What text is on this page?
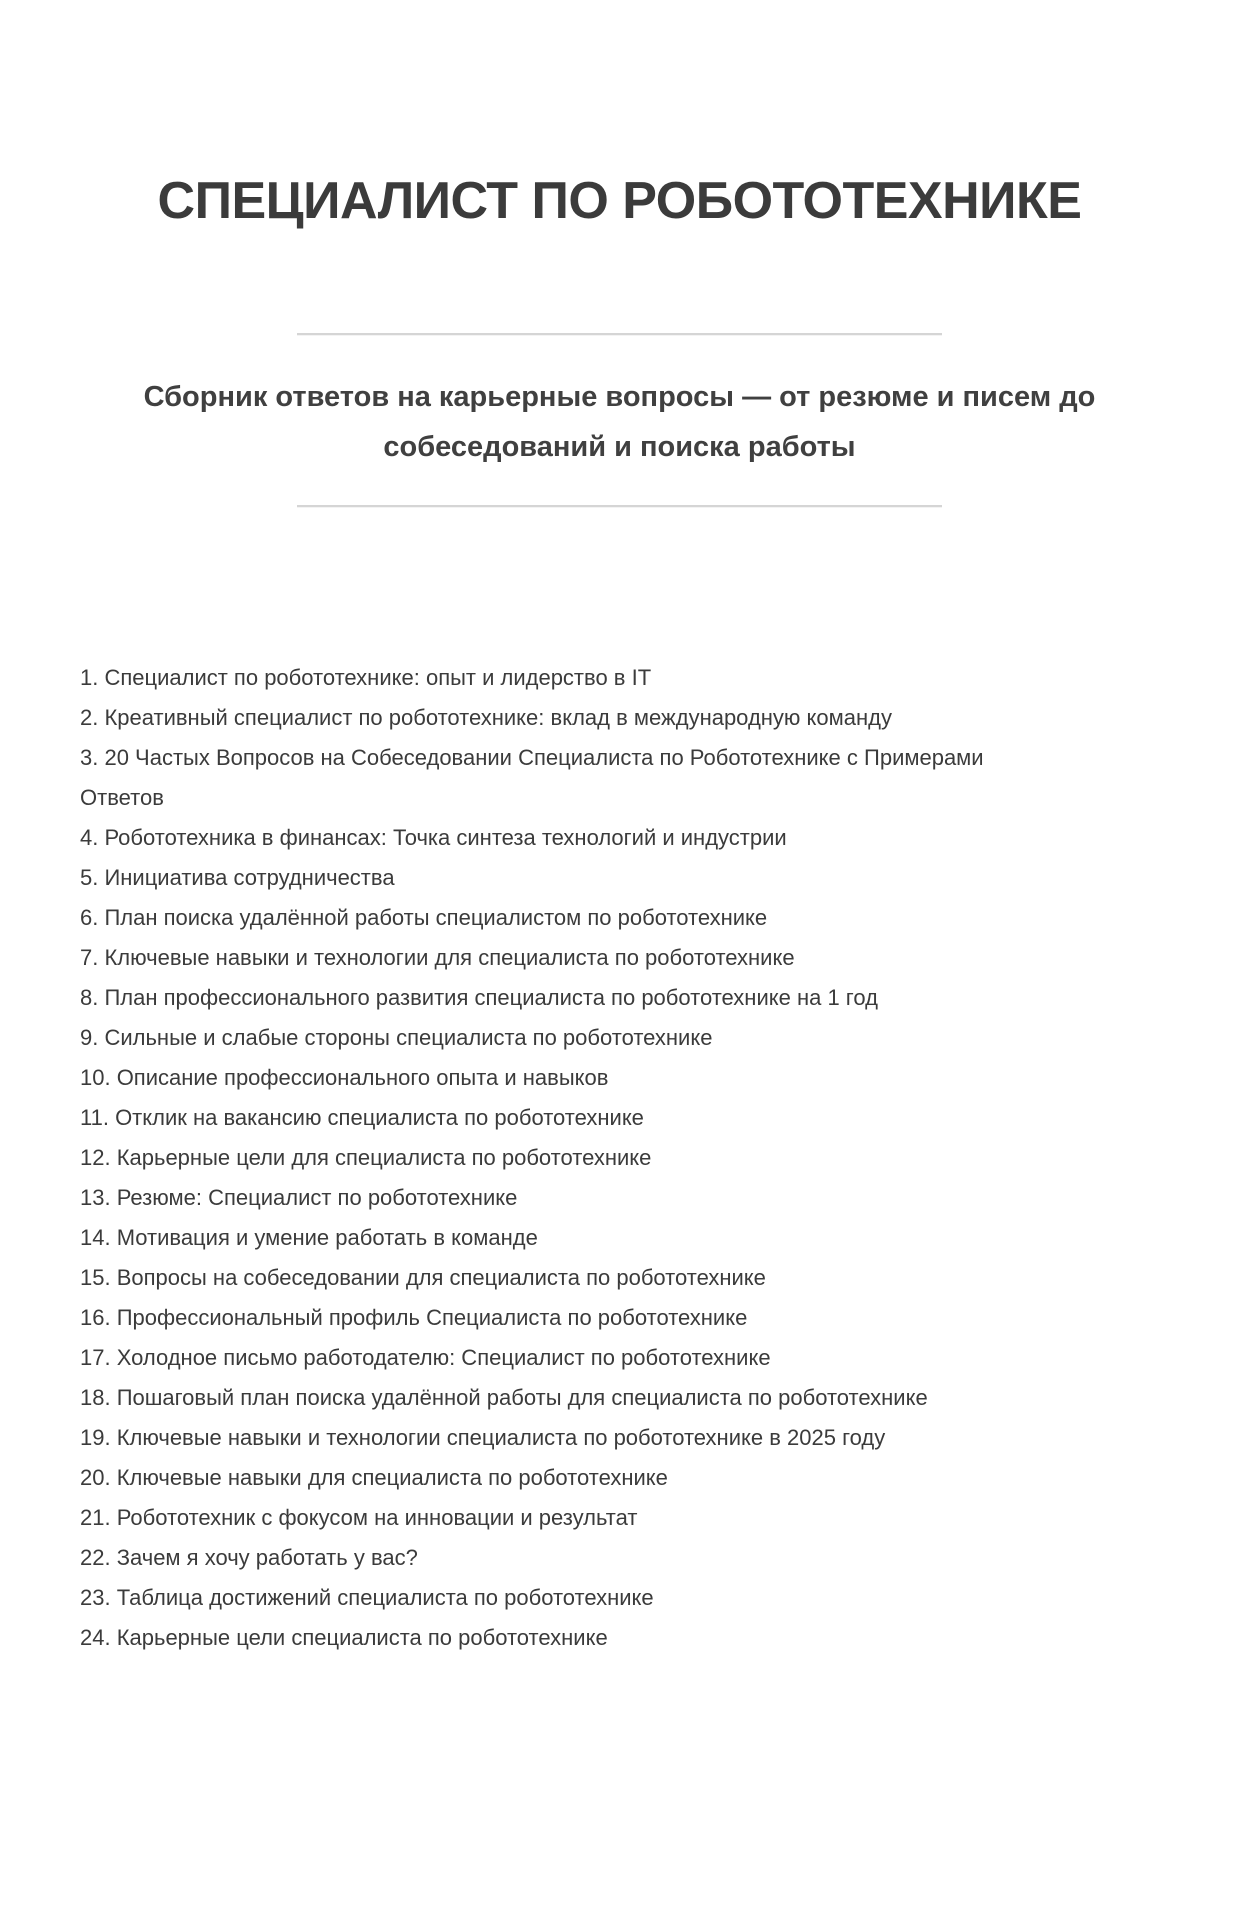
СПЕЦИАЛИСТ ПО РОБОТОТЕХНИКЕ
Сборник ответов на карьерные вопросы — от резюме и писем до
собеседований и поиска работы
1. Специалист по робототехнике: опыт и лидерство в IT
2. Креативный специалист по робототехнике: вклад в международную команду
3. 20 Частых Вопросов на Собеседовании Специалиста по Робототехнике с Примерами Ответов
4. Робототехника в финансах: Точка синтеза технологий и индустрии
5. Инициатива сотрудничества
6. План поиска удалённой работы специалистом по робототехнике
7. Ключевые навыки и технологии для специалиста по робототехнике
8. План профессионального развития специалиста по робототехнике на 1 год
9. Сильные и слабые стороны специалиста по робототехнике
10. Описание профессионального опыта и навыков
11. Отклик на вакансию специалиста по робототехнике
12. Карьерные цели для специалиста по робототехнике
13. Резюме: Специалист по робототехнике
14. Мотивация и умение работать в команде
15. Вопросы на собеседовании для специалиста по робототехнике
16. Профессиональный профиль Специалиста по робототехнике
17. Холодное письмо работодателю: Специалист по робототехнике
18. Пошаговый план поиска удалённой работы для специалиста по робототехнике
19. Ключевые навыки и технологии специалиста по робототехнике в 2025 году
20. Ключевые навыки для специалиста по робототехнике
21. Робототехник с фокусом на инновации и результат
22. Зачем я хочу работать у вас?
23. Таблица достижений специалиста по робототехнике
24. Карьерные цели специалиста по робототехнике
